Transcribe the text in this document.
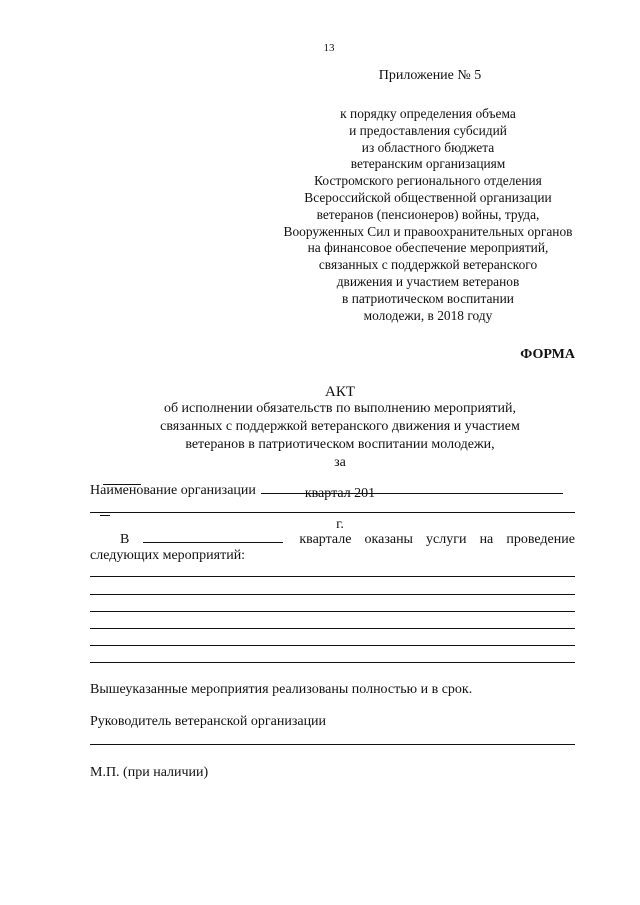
13
Приложение № 5
к порядку определения объема
и предоставления субсидий
из областного бюджета
ветеранским организациям
Костромского регионального отделения
Всероссийской общественной организации
ветеранов (пенсионеров) войны, труда,
Вооруженных Сил и правоохранительных органов
на финансовое обеспечение мероприятий,
связанных с поддержкой ветеранского
движения и участием ветеранов
в патриотическом воспитании
молодежи, в 2018 году
ФОРМА
АКТ
об исполнении обязательств по выполнению мероприятий,
связанных с поддержкой ветеранского движения и участием
ветеранов в патриотическом воспитании молодежи,
за
квартал 201
г.
Наименование организации
В	квартале оказаны услуги на проведение
следующих мероприятий:
Вышеуказанные мероприятия реализованы полностью и в срок.
Руководитель ветеранской организации
М.П. (при наличии)
